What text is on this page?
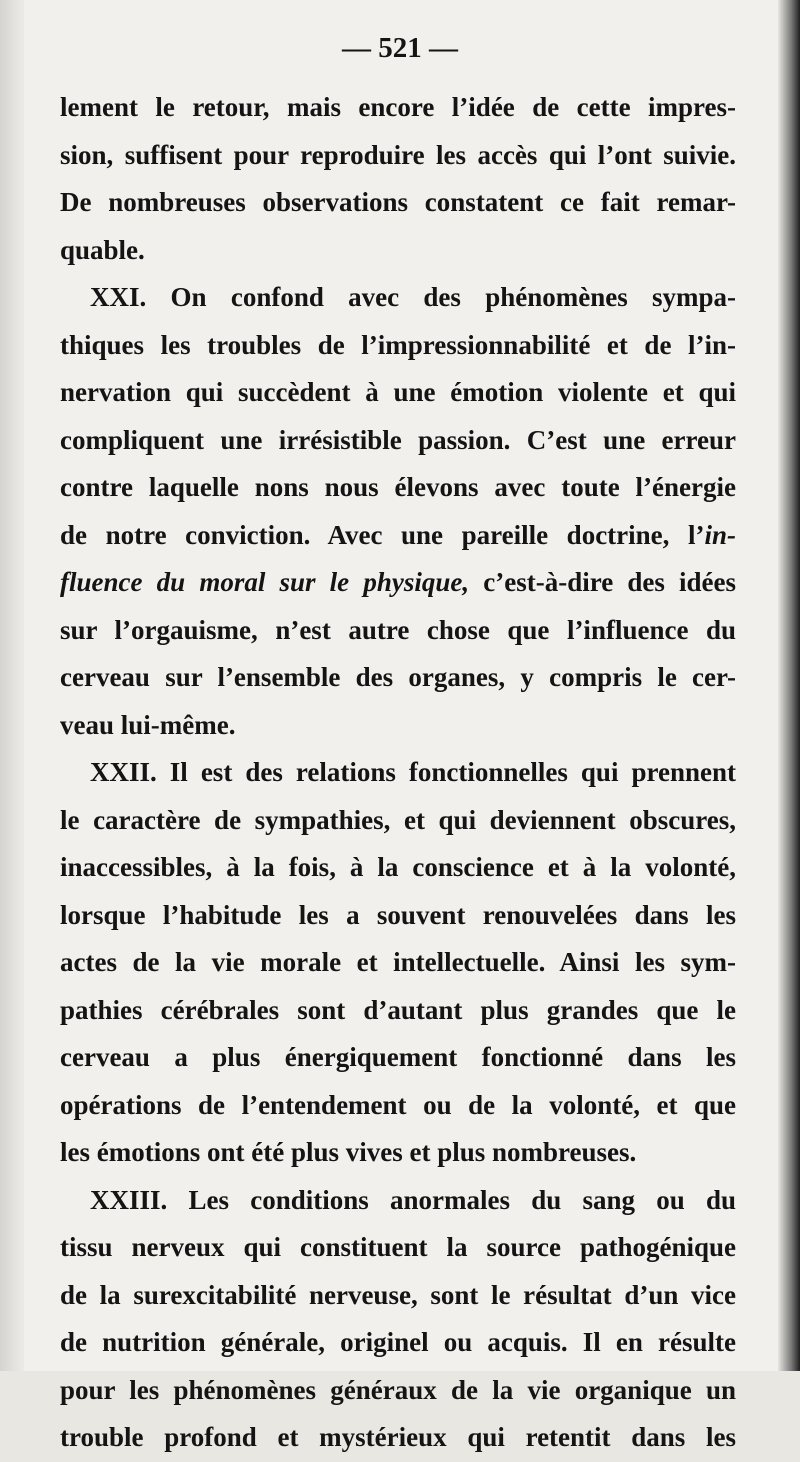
— 521 —
lement le retour, mais encore l’idée de cette impres-
sion, suffisent pour reproduire les accès qui l’ont suivie.
De nombreuses observations constatent ce fait remar-
quable.
XXI. On confond avec des phénomènes sympa-
thiques les troubles de l’impressionnabilité et de l’in-
nervation qui succèdent à une émotion violente et qui
compliquent une irrésistible passion. C’est une erreur
contre laquelle nons nous élevons avec toute l’énergie
de notre conviction. Avec une pareille doctrine, l’in-
fluence du moral sur le physique, c’est-à-dire des idées
sur l’orgauisme, n’est autre chose que l’influence du
cerveau sur l’ensemble des organes, y compris le cer-
veau lui-même.
XXII. Il est des relations fonctionnelles qui prennent
le caractère de sympathies, et qui deviennent obscures,
inaccessibles, à la fois, à la conscience et à la volonté,
lorsque l’habitude les a souvent renouvelées dans les
actes de la vie morale et intellectuelle. Ainsi les sym-
pathies cérébrales sont d’autant plus grandes que le
cerveau a plus énergiquement fonctionné dans les
opérations de l’entendement ou de la volonté, et que
les émotions ont été plus vives et plus nombreuses.
XXIII. Les conditions anormales du sang ou du
tissu nerveux qui constituent la source pathogénique
de la surexcitabilité nerveuse, sont le résultat d’un vice
de nutrition générale, originel ou acquis. Il en résulte
pour les phénomènes généraux de la vie organique un
trouble profond et mystérieux qui retentit dans les
